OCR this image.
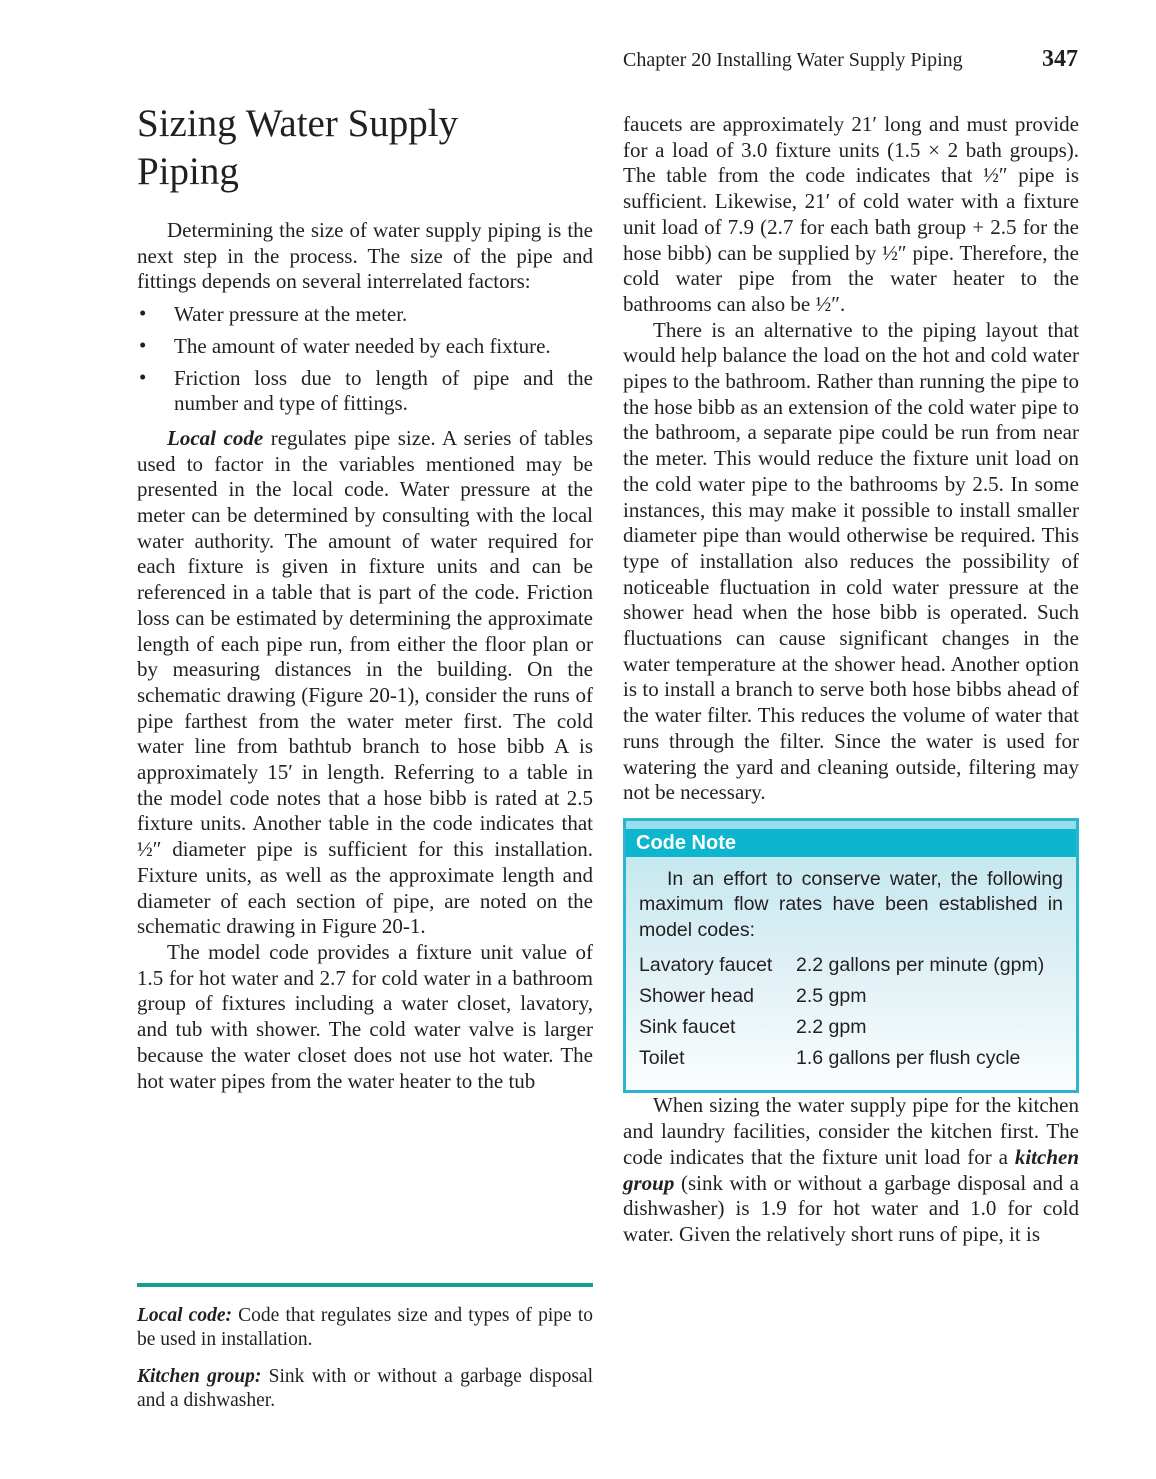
Chapter 20 Installing Water Supply Piping	347
Sizing Water Supply Piping

Determining the size of water supply piping is the next step in the process. The size of the pipe and fittings depends on several interrelated factors:

• Water pressure at the meter.
• The amount of water needed by each fixture.
• Friction loss due to length of pipe and the number and type of fittings.

Local code regulates pipe size. A series of tables used to factor in the variables mentioned may be presented in the local code. Water pressure at the meter can be determined by consulting with the local water authority. The amount of water required for each fixture is given in fixture units and can be referenced in a table that is part of the code. Friction loss can be estimated by determining the approximate length of each pipe run, from either the floor plan or by measuring distances in the building. On the schematic drawing (Figure 20-1), consider the runs of pipe farthest from the water meter first. The cold water line from bathtub branch to hose bibb A is approximately 15′ in length. Referring to a table in the model code notes that a hose bibb is rated at 2.5 fixture units. Another table in the code indicates that ½″ diameter pipe is sufficient for this installation. Fixture units, as well as the approximate length and diameter of each section of pipe, are noted on the schematic drawing in Figure 20-1.

The model code provides a fixture unit value of 1.5 for hot water and 2.7 for cold water in a bathroom group of fixtures including a water closet, lavatory, and tub with shower. The cold water valve is larger because the water closet does not use hot water. The hot water pipes from the water heater to the tub

Local code: Code that regulates size and types of pipe to be used in installation.

Kitchen group: Sink with or without a garbage disposal and a dishwasher.

faucets are approximately 21′ long and must provide for a load of 3.0 fixture units (1.5 × 2 bath groups). The table from the code indicates that ½″ pipe is sufficient. Likewise, 21′ of cold water with a fixture unit load of 7.9 (2.7 for each bath group + 2.5 for the hose bibb) can be supplied by ½″ pipe. Therefore, the cold water pipe from the water heater to the bathrooms can also be ½″.

There is an alternative to the piping layout that would help balance the load on the hot and cold water pipes to the bathroom. Rather than running the pipe to the hose bibb as an extension of the cold water pipe to the bathroom, a separate pipe could be run from near the meter. This would reduce the fixture unit load on the cold water pipe to the bathrooms by 2.5. In some instances, this may make it possible to install smaller diameter pipe than would otherwise be required. This type of installation also reduces the possibility of noticeable fluctuation in cold water pressure at the shower head when the hose bibb is operated. Such fluctuations can cause significant changes in the water temperature at the shower head. Another option is to install a branch to serve both hose bibbs ahead of the water filter. This reduces the volume of water that runs through the filter. Since the water is used for watering the yard and cleaning outside, filtering may not be necessary.

Code Note

In an effort to conserve water, the following maximum flow rates have been established in model codes:

Lavatory faucet	2.2 gallons per minute (gpm)
Shower head	2.5 gpm
Sink faucet	2.2 gpm
Toilet	1.6 gallons per flush cycle

When sizing the water supply pipe for the kitchen and laundry facilities, consider the kitchen first. The code indicates that the fixture unit load for a kitchen group (sink with or without a garbage disposal and a dishwasher) is 1.9 for hot water and 1.0 for cold water. Given the relatively short runs of pipe, it is
